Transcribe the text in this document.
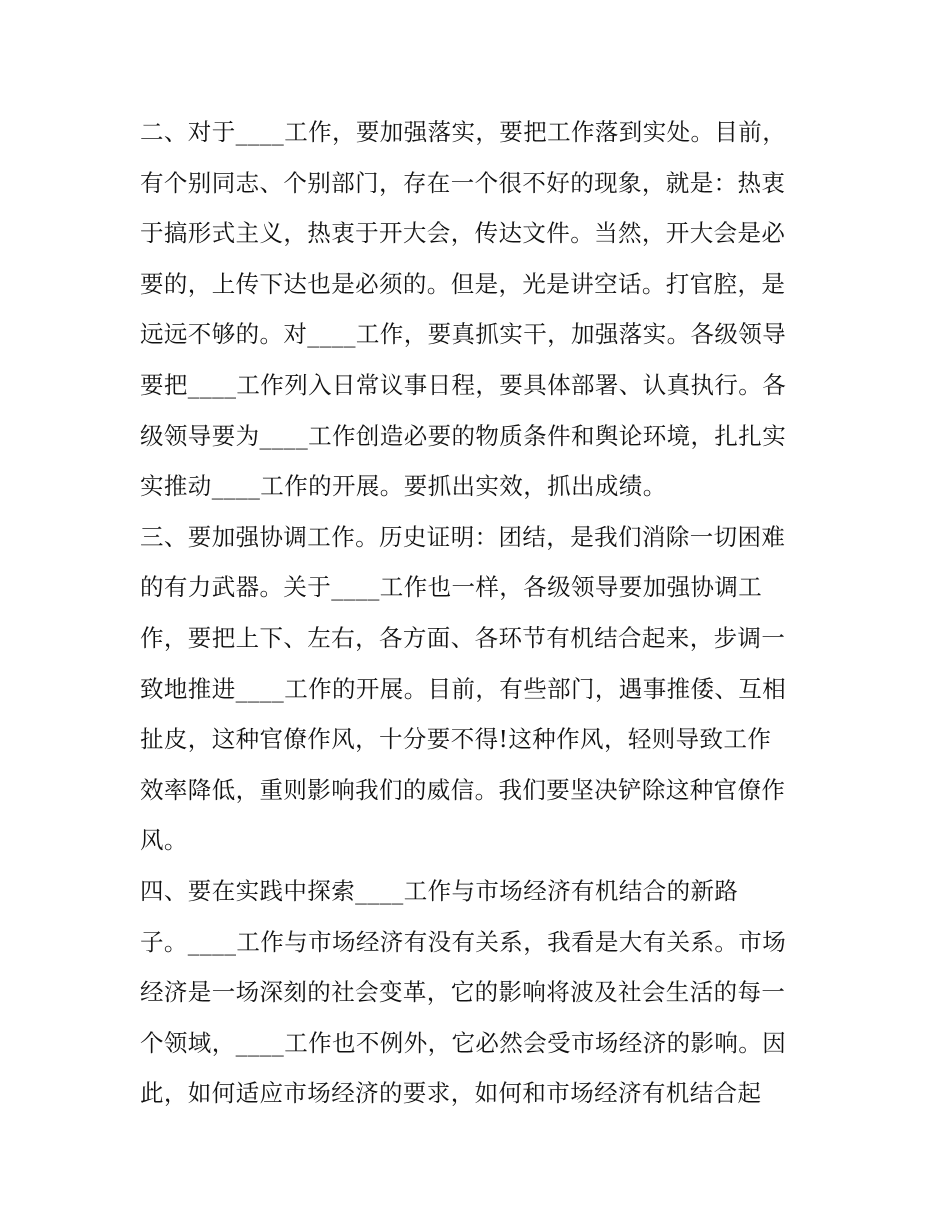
二、对于____工作，要加强落实，要把工作落到实处。目前，
有个别同志、个别部门，存在一个很不好的现象，就是：热衷
于搞形式主义，热衷于开大会，传达文件。当然，开大会是必
要的，上传下达也是必须的。但是，光是讲空话。打官腔，是
远远不够的。对____工作，要真抓实干，加强落实。各级领导
要把____工作列入日常议事日程，要具体部署、认真执行。各
级领导要为____工作创造必要的物质条件和舆论环境，扎扎实
实推动____工作的开展。要抓出实效，抓出成绩。
三、要加强协调工作。历史证明：团结，是我们消除一切困难
的有力武器。关于____工作也一样，各级领导要加强协调工
作，要把上下、左右，各方面、各环节有机结合起来，步调一
致地推进____工作的开展。目前，有些部门，遇事推倭、互相
扯皮，这种官僚作风，十分要不得!这种作风，轻则导致工作
效率降低，重则影响我们的威信。我们要坚决铲除这种官僚作
风。
四、要在实践中探索____工作与市场经济有机结合的新路
子。____工作与市场经济有没有关系，我看是大有关系。市场
经济是一场深刻的社会变革，它的影响将波及社会生活的每一
个领域，____工作也不例外，它必然会受市场经济的影响。因
此，如何适应市场经济的要求，如何和市场经济有机结合起
